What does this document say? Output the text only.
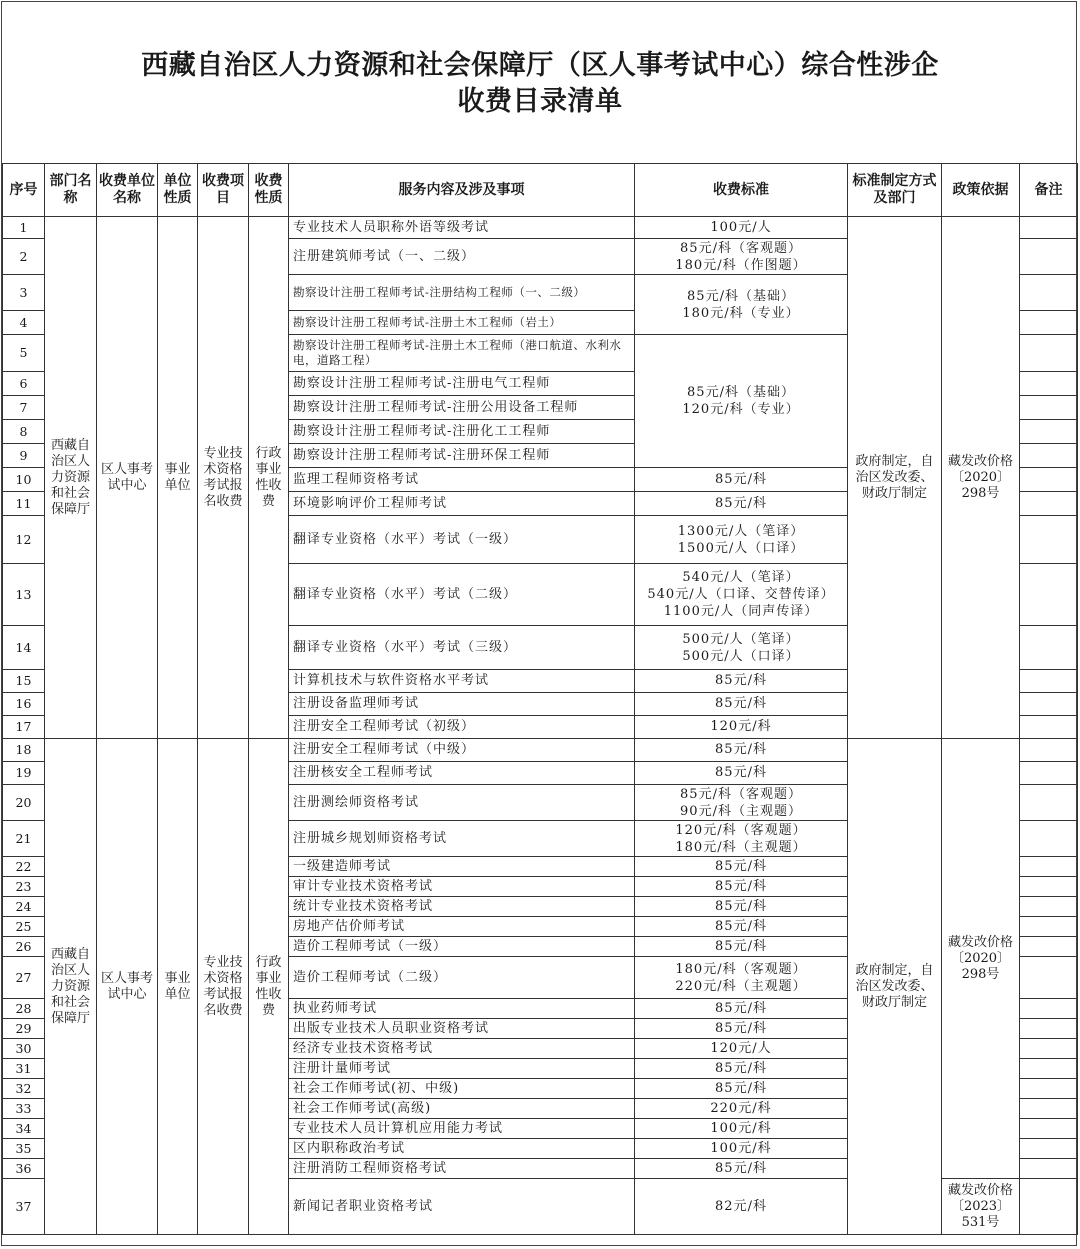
西藏自治区人力资源和社会保障厅（区人事考试中心）综合性涉企
收费目录清单
序号	部门名称	收费单位名称	单位性质	收费项目	收费性质	服务内容及涉及事项	收费标准	标准制定方式及部门	政策依据	备注
1	西藏自治区人力资源和社会保障厅	区人事考试中心	事业单位	专业技术资格考试报名收费	行政事业性收费	专业技术人员职称外语等级考试	100元/人	政府制定，自治区发改委、财政厅制定	藏发改价格〔2020〕298号	
2						注册建筑师考试（一、二级）	85元/科（客观题）
180元/科（作图题）			

3						勘察设计注册工程师考试-注册结构工程师（一、二级）	85元/科（基础）
180元/科（专业）			

4						勘察设计注册工程师考试-注册土木工程师（岩土）				
5						勘察设计注册工程师考试-注册土木工程师（港口航道、水利水电，道路工程）	85元/科（基础）
120元/科（专业）			

6						勘察设计注册工程师考试-注册电气工程师				
7						勘察设计注册工程师考试-注册公用设备工程师				
8						勘察设计注册工程师考试-注册化工工程师				
9						勘察设计注册工程师考试-注册环保工程师				
10						监理工程师资格考试	85元/科			
11						环境影响评价工程师考试	85元/科			
12						翻译专业资格（水平）考试（一级）	1300元/人（笔译）
1500元/人（口译）			

13						翻译专业资格（水平）考试（二级）	540元/人（笔译）
540元/人（口译、交替传译）
1100元/人（同声传译）			

14						翻译专业资格（水平）考试（三级）	500元/人（笔译）
500元/人（口译）			

15						计算机技术与软件资格水平考试	85元/科			
16						注册设备监理师考试	85元/科			
17						注册安全工程师考试（初级）	120元/科			
18	西藏自治区人力资源和社会保障厅	区人事考试中心	事业单位	专业技术资格考试报名收费	行政事业性收费	注册安全工程师考试（中级）	85元/科	政府制定，自治区发改委、财政厅制定	藏发改价格〔2020〕298号	
19						注册核安全工程师考试	85元/科			
20						注册测绘师资格考试	85元/科（客观题）
90元/科（主观题）			

21						注册城乡规划师资格考试	120元/科（客观题）
180元/科（主观题）			

22						一级建造师考试	85元/科			
23						审计专业技术资格考试	85元/科			
24						统计专业技术资格考试	85元/科			
25						房地产估价师考试	85元/科			
26						造价工程师考试（一级）	85元/科			
27						造价工程师考试（二级）	180元/科（客观题）
220元/科（主观题）			

28						执业药师考试	85元/科			
29						出版专业技术人员职业资格考试	85元/科			
30						经济专业技术资格考试	120元/人			
31						注册计量师考试	85元/科			
32						社会工作师考试(初、中级)	85元/科			
33						社会工作师考试(高级)	220元/科			
34						专业技术人员计算机应用能力考试	100元/科			
35						区内职称政治考试	100元/科			
36						注册消防工程师资格考试	85元/科			
37						新闻记者职业资格考试	82元/科		藏发改价格〔2023〕531号	
